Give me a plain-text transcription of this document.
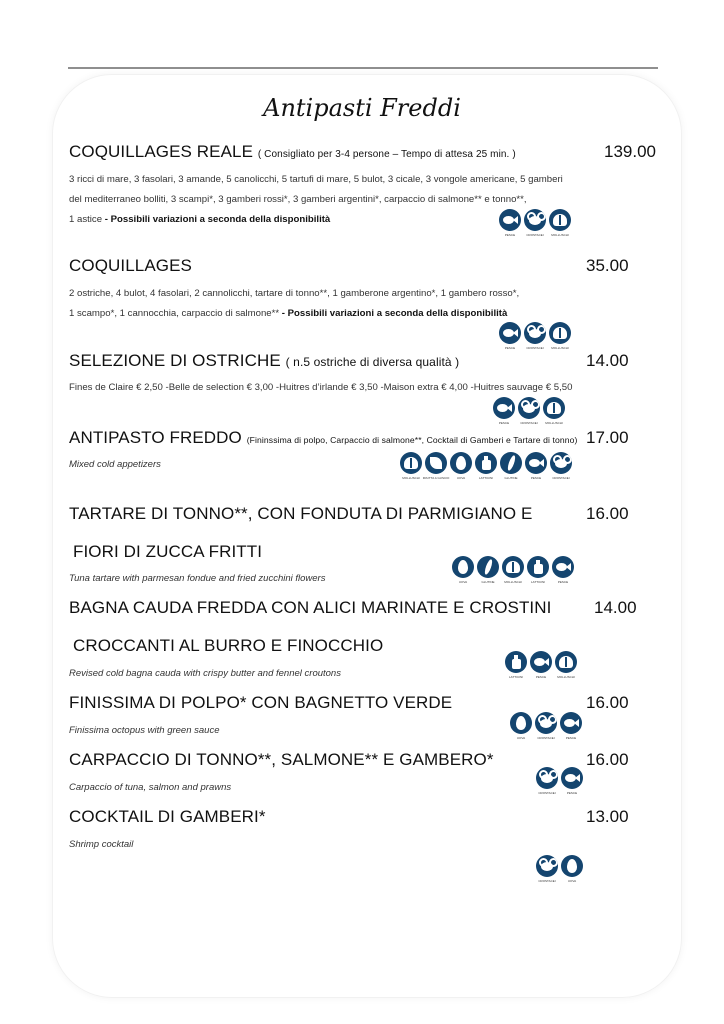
Antipasti Freddi
COQUILLAGES REALE ( Consigliato per 3-4 persone – Tempo di attesa 25 min. )	139.00
3 ricci di mare, 3 fasolari, 3 amande, 5 canolicchi, 5 tartufi di mare, 5 bulot, 3 cicale, 3 vongole americane, 5 gamberi
del mediterraneo bolliti, 3 scampi*, 3 gamberi rossi*, 3 gamberi argentini*, carpaccio di salmone** e tonno**,
1 astice - Possibili variazioni a seconda della disponibilità
PESCE	CROSTACEI	MOLLUSCHI
COQUILLAGES	35.00
2 ostriche, 4 bulot, 4 fasolari, 2 cannolicchi, tartare di tonno**, 1 gamberone argentino*, 1 gambero rosso*,
1 scampo*, 1 cannocchia, carpaccio di salmone** - Possibili variazioni a seconda della disponibilità
PESCE	CROSTACEI	MOLLUSCHI
SELEZIONE DI OSTRICHE ( n.5 ostriche di diversa qualità )	14.00
Fines de Claire € 2,50 -Belle de selection € 3,00 -Huitres d’irlande € 3,50 -Maison extra € 4,00 -Huitres sauvage € 5,50
PESCE	CROSTACEI	MOLLUSCHI
ANTIPASTO FREDDO (Fininssima di polpo, Carpaccio di salmone**, Cocktail di Gamberi e Tartare di tonno) 17.00
Mixed cold appetizers
MOLLUSCHI FRUTTA A GUSCIO	UOVA	LATTICINI	GLUTINE	PESCE	CROSTACEI
TARTARE DI TONNO**, CON FONDUTA DI PARMIGIANO E
FIORI DI ZUCCA FRITTI
16.00
Tuna tartare with parmesan fondue and fried zucchini flowers	UOVA	GLUTINE	MOLLUSCHI	LATTICINI	PESCE
BAGNA CAUDA FREDDA CON ALICI MARINATE E CROSTINI
CROCCANTI AL BURRO E FINOCCHIO
14.00
Revised cold bagna cauda with crispy butter and fennel croutons	LATTICINI	PESCE	MOLLUSCHI
FINISSIMA DI POLPO* CON BAGNETTO VERDE	16.00
Finissima octopus with green sauce
UOVA	CROSTACEI	PESCE
CARPACCIO DI TONNO**, SALMONE** E GAMBERO*	16.00
Carpaccio of tuna, salmon and prawns	CROSTACEI	PESCE
COCKTAIL DI GAMBERI*	13.00
Shrimp cocktail
CROSTACEI	UOVA
